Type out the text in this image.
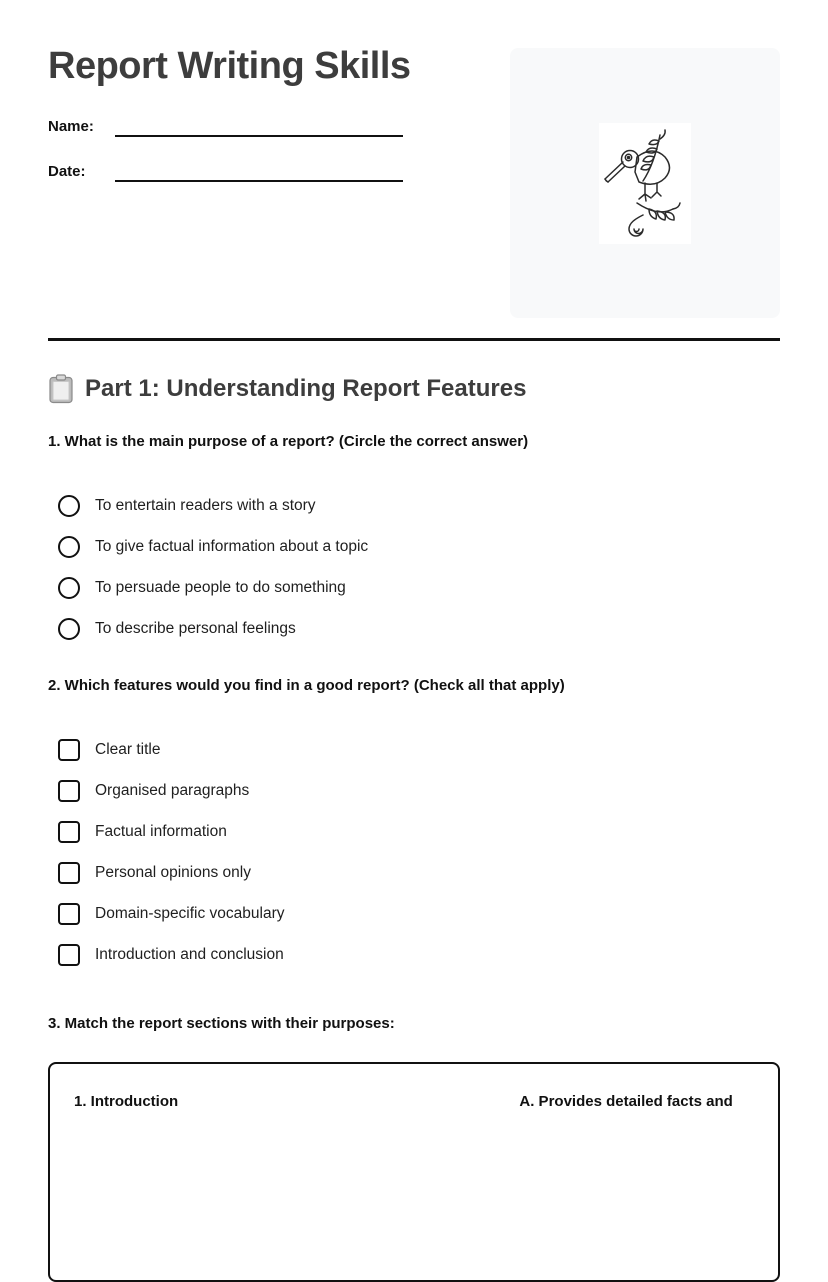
Report Writing Skills
Name:
Date:
Part 1: Understanding Report Features

1. What is the main purpose of a report? (Circle the correct answer)

To entertain readers with a story
To give factual information about a topic
To persuade people to do something
To describe personal feelings

2. Which features would you find in a good report? (Check all that apply)

Clear title
Organised paragraphs
Factual information
Personal opinions only
Domain-specific vocabulary
Introduction and conclusion

3. Match the report sections with their purposes:

1. Introduction	A. Provides detailed facts and
